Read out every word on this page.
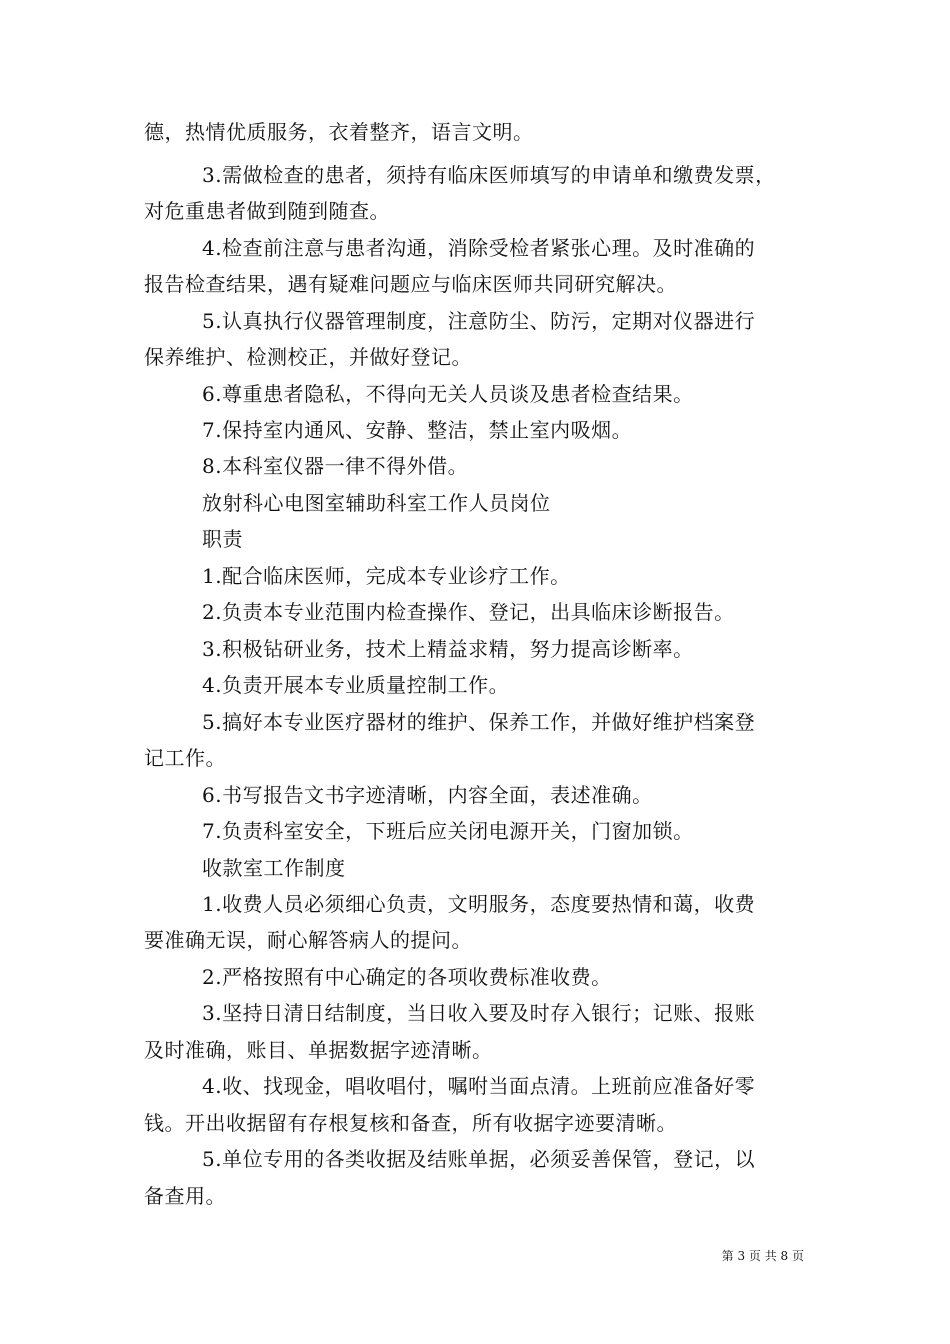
德，热情优质服务，衣着整齐，语言文明。
3.需做检查的患者，须持有临床医师填写的申请单和缴费发票，
对危重患者做到随到随查。
4.检查前注意与患者沟通，消除受检者紧张心理。及时准确的
报告检查结果，遇有疑难问题应与临床医师共同研究解决。
5.认真执行仪器管理制度，注意防尘、防污，定期对仪器进行
保养维护、检测校正，并做好登记。
6.尊重患者隐私，不得向无关人员谈及患者检查结果。
7.保持室内通风、安静、整洁，禁止室内吸烟。
8.本科室仪器一律不得外借。
放射科心电图室辅助科室工作人员岗位
职责
1.配合临床医师，完成本专业诊疗工作。
2.负责本专业范围内检查操作、登记，出具临床诊断报告。
3.积极钻研业务，技术上精益求精，努力提高诊断率。
4.负责开展本专业质量控制工作。
5.搞好本专业医疗器材的维护、保养工作，并做好维护档案登
记工作。
6.书写报告文书字迹清晰，内容全面，表述准确。
7.负责科室安全，下班后应关闭电源开关，门窗加锁。
收款室工作制度
1.收费人员必须细心负责，文明服务，态度要热情和蔼，收费
要准确无误，耐心解答病人的提问。
2.严格按照有中心确定的各项收费标准收费。
3.坚持日清日结制度，当日收入要及时存入银行；记账、报账
及时准确，账目、单据数据字迹清晰。
4.收、找现金，唱收唱付，嘱咐当面点清。上班前应准备好零
钱。开出收据留有存根复核和备查，所有收据字迹要清晰。
5.单位专用的各类收据及结账单据，必须妥善保管，登记，以
备查用。
第 3 页 共 8 页
